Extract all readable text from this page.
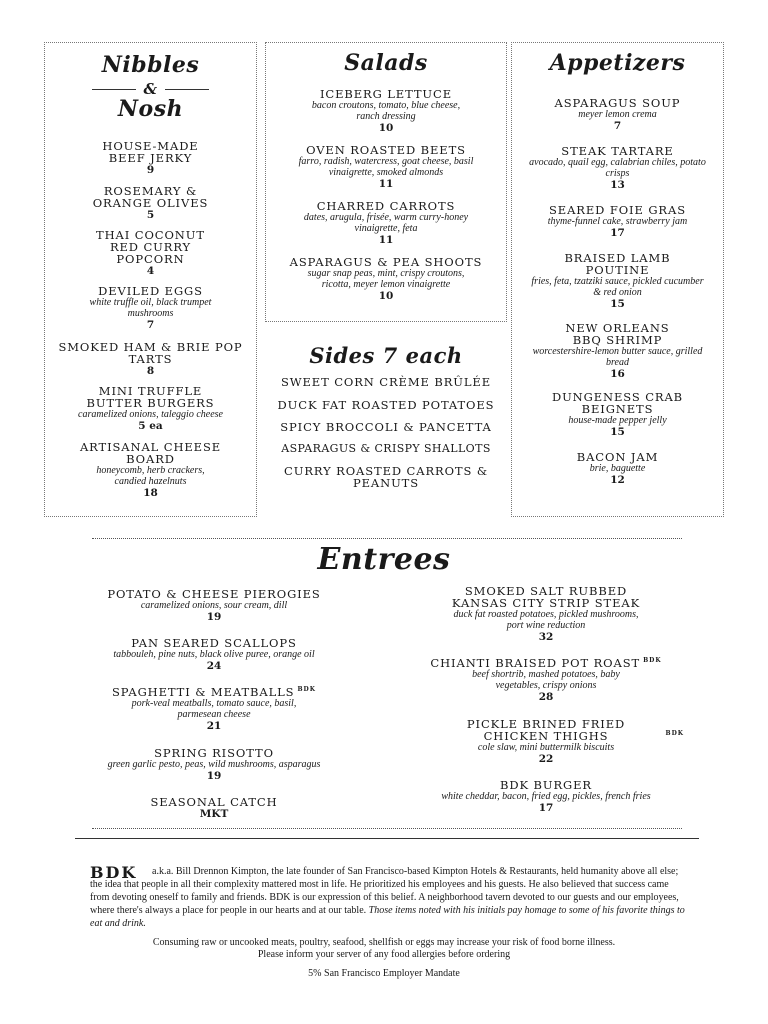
Nibbles
&
Nosh
HOUSE-MADE BEEF JERKY
9
ROSEMARY & ORANGE OLIVES
5
THAI COCONUT RED CURRY POPCORN
4
DEVILED EGGS
white truffle oil, black trumpet mushrooms
7
SMOKED HAM & BRIE POP TARTS
8
MINI TRUFFLE BUTTER BURGERS
caramelized onions, taleggio cheese
5 ea
ARTISANAL CHEESE BOARD
honeycomb, herb crackers, candied hazelnuts
18
Salads
ICEBERG LETTUCE
bacon croutons, tomato, blue cheese, ranch dressing
10
OVEN ROASTED BEETS
farro, radish, watercress, goat cheese, basil vinaigrette, smoked almonds
11
CHARRED CARROTS
dates, arugula, frisée, warm curry-honey vinaigrette, feta
11
ASPARAGUS & PEA SHOOTS
sugar snap peas, mint, crispy croutons, ricotta, meyer lemon vinaigrette
10
Sides 7 each
SWEET CORN CRÈME BRÛLÉE
DUCK FAT ROASTED POTATOES
SPICY BROCCOLI & PANCETTA
ASPARAGUS & CRISPY SHALLOTS
CURRY ROASTED CARROTS & PEANUTS
Appetizers
ASPARAGUS SOUP
meyer lemon crema
7
STEAK TARTARE
avocado, quail egg, calabrian chiles, potato crisps
13
SEARED FOIE GRAS
thyme-funnel cake, strawberry jam
17
BRAISED LAMB POUTINE
fries, feta, tzatziki sauce, pickled cucumber & red onion
15
NEW ORLEANS BBQ SHRIMP
worcestershire-lemon butter sauce, grilled bread
16
DUNGENESS CRAB BEIGNETS
house-made pepper jelly
15
BACON JAM
brie, baguette
12
Entrees
POTATO & CHEESE PIEROGIES
caramelized onions, sour cream, dill
19
PAN SEARED SCALLOPS
tabbouleh, pine nuts, black olive puree, orange oil
24
SPAGHETTI & MEATBALLS BDK
pork-veal meatballs, tomato sauce, basil, parmesean cheese
21
SPRING RISOTTO
green garlic pesto, peas, wild mushrooms, asparagus
19
SEASONAL CATCH
MKT
SMOKED SALT RUBBED KANSAS CITY STRIP STEAK
duck fat roasted potatoes, pickled mushrooms, port wine reduction
32
CHIANTI BRAISED POT ROAST BDK
beef shortrib, mashed potatoes, baby vegetables, crispy onions
28
PICKLE BRINED FRIED CHICKEN THIGHS	BDK
cole slaw, mini buttermilk biscuits
22
BDK BURGER
white cheddar, bacon, fried egg, pickles, french fries
17
BDK	a.k.a. Bill Drennon Kimpton, the late founder of San Francisco-based Kimpton Hotels & Restaurants, held humanity above all else; the idea that people in all their complexity mattered most in life. He prioritized his employees and his guests. He also believed that success came from devoting oneself to family and friends. BDK is our expression of this belief. A neighborhood tavern devoted to our guests and our employees, where there's always a place for people in our hearts and at our table. Those items noted with his initials pay homage to some of his favorite things to eat and drink.
Consuming raw or uncooked meats, poultry, seafood, shellfish or eggs may increase your risk of food borne illness.
Please inform your server of any food allergies before ordering
5% San Francisco Employer Mandate
